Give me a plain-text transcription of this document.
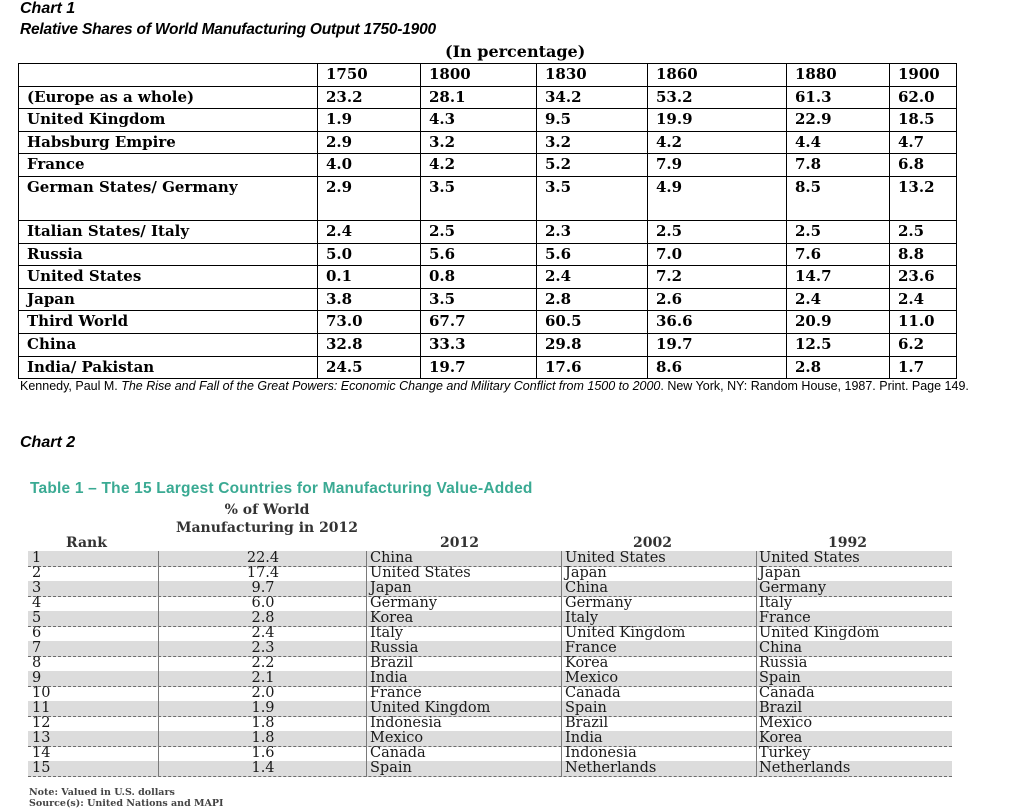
Chart 1
Relative Shares of World Manufacturing Output 1750-1900
(In percentage)
	1750	1800	1830	1860	1880	1900
(Europe as a whole)	23.2	28.1	34.2	53.2	61.3	62.0
United Kingdom	1.9	4.3	9.5	19.9	22.9	18.5
Habsburg Empire	2.9	3.2	3.2	4.2	4.4	4.7
France	4.0	4.2	5.2	7.9	7.8	6.8
German States/ Germany	2.9	3.5	3.5	4.9	8.5	13.2
Italian States/ Italy	2.4	2.5	2.3	2.5	2.5	2.5
Russia	5.0	5.6	5.6	7.0	7.6	8.8
United States	0.1	0.8	2.4	7.2	14.7	23.6
Japan	3.8	3.5	2.8	2.6	2.4	2.4
Third World	73.0	67.7	60.5	36.6	20.9	11.0
China	32.8	33.3	29.8	19.7	12.5	6.2
India/ Pakistan	24.5	19.7	17.6	8.6	2.8	1.7
Kennedy, Paul M. The Rise and Fall of the Great Powers: Economic Change and Military Conflict from 1500 to 2000. New York, NY: Random House, 1987. Print. Page 149.
Chart 2
Table 1 – The 15 Largest Countries for Manufacturing Value-Added
Rank
% of World Manufacturing in 2012
2012	2002	1992
1	22.4	China	United States	United States
2	17.4	United States	Japan	Japan
3	9.7	Japan	China	Germany
4	6.0	Germany	Germany	Italy
5	2.8	Korea	Italy	France
6	2.4	Italy	United Kingdom	United Kingdom
7	2.3	Russia	France	China
8	2.2	Brazil	Korea	Russia
9	2.1	India	Mexico	Spain
10	2.0	France	Canada	Canada
11	1.9	United Kingdom	Spain	Brazil
12	1.8	Indonesia	Brazil	Mexico
13	1.8	Mexico	India	Korea
14	1.6	Canada	Indonesia	Turkey
15	1.4	Spain	Netherlands	Netherlands
Note: Valued in U.S. dollars
Source(s): United Nations and MAPI
